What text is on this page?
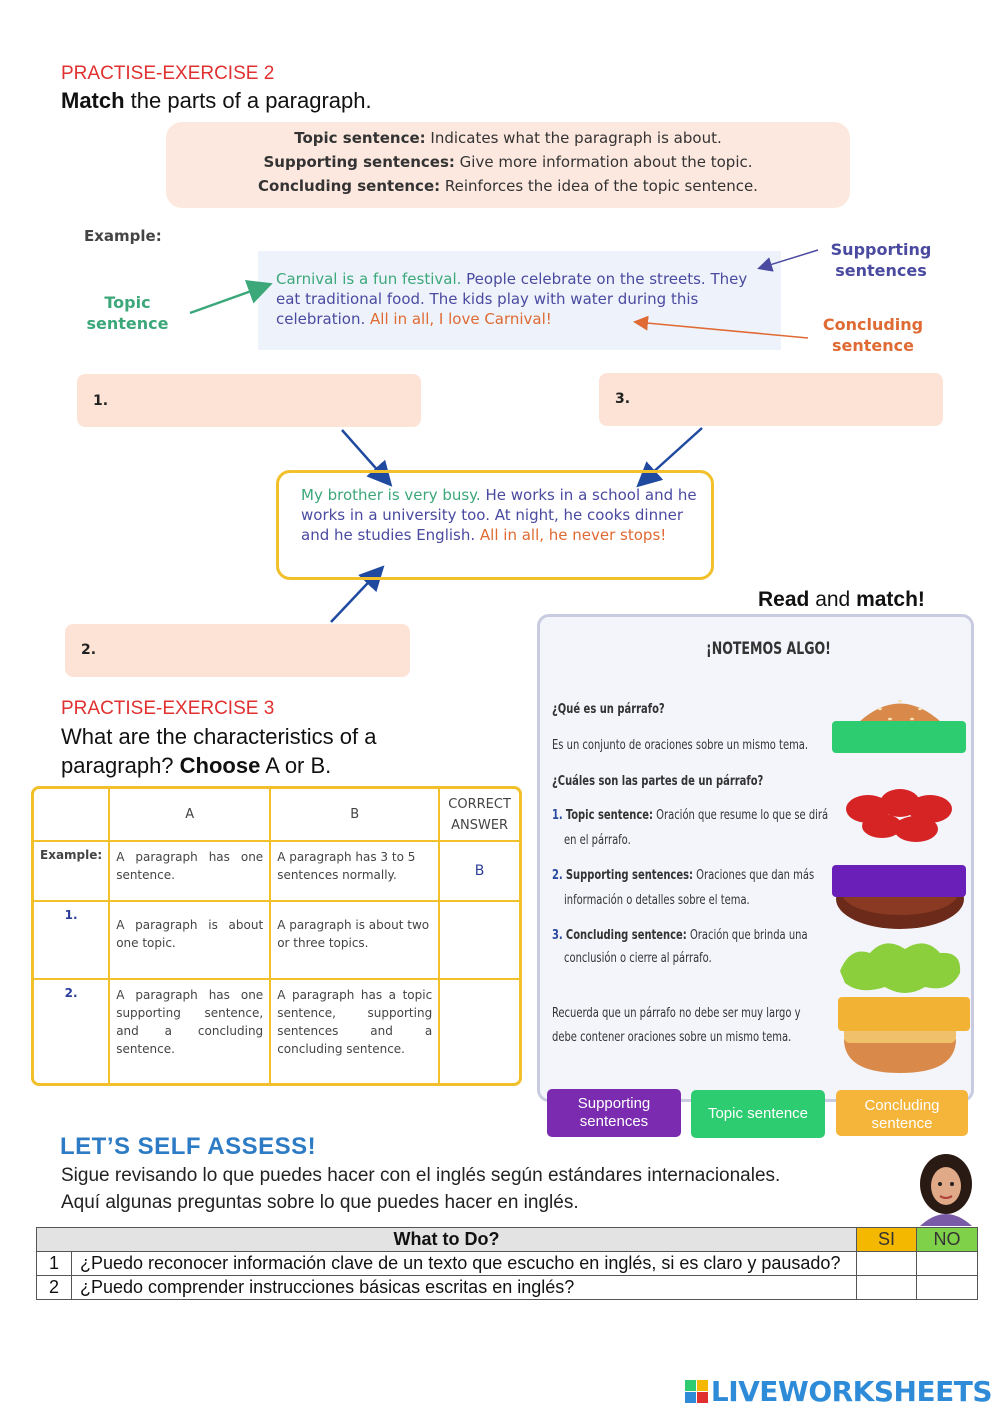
PRACTISE-EXERCISE 2
Match the parts of a paragraph.
Topic sentence: Indicates what the paragraph is about.
Supporting sentences: Give more information about the topic.
Concluding sentence: Reinforces the idea of the topic sentence.
Example:
Carnival is a fun festival. People celebrate on the streets. They eat traditional food. The kids play with water during this celebration. All in all, I love Carnival!
Topic
sentence
Supporting
sentences
Concluding
sentence
1.	3.
2.
My brother is very busy. He works in a school and he works in a university too. At night, he cooks dinner and he studies English. All in all, he never stops!
Read and match!
PRACTISE-EXERCISE 3
What are the characteristics of a
paragraph? Choose A or B.
	A	B	CORRECT ANSWER
Example:	A paragraph has one sentence.	A paragraph has 3 to 5 sentences normally.	B
1.	A paragraph is about one topic.	A paragraph is about two or three topics.	
2.	A paragraph has one supporting sentence, and a concluding sentence.	A paragraph has a topic sentence, supporting sentences and a concluding sentence.	
¡NOTEMOS ALGO!
¿Qué es un párrafo?
Es un conjunto de oraciones sobre un mismo tema.
¿Cuáles son las partes de un párrafo?
1. Topic sentence: Oración que resume lo que se dirá
en el párrafo.
2. Supporting sentences: Oraciones que dan más
información o detalles sobre el tema.
3. Concluding sentence: Oración que brinda una
conclusión o cierre al párrafo.
Recuerda que un párrafo no debe ser muy largo y
debe contener oraciones sobre un mismo tema.
Supporting sentences	Topic sentence	Concluding sentence
LET’S SELF ASSESS!
Sigue revisando lo que puedes hacer con el inglés según estándares internacionales.
Aquí algunas preguntas sobre lo que puedes hacer en inglés.
What to Do?		SI	NO
1	¿Puedo reconocer información clave de un texto que escucho en inglés, si es claro y pausado?		
2	¿Puedo comprender instrucciones básicas escritas en inglés?		
LIVEWORKSHEETS
